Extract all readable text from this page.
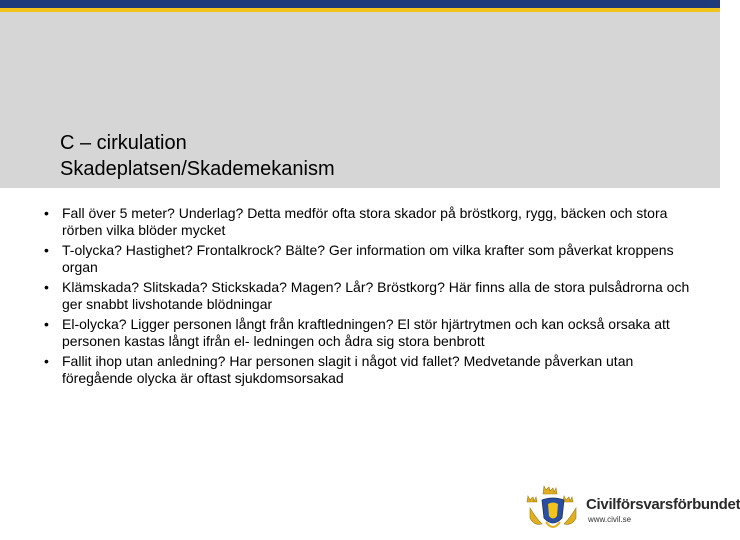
C – cirkulation
Skadeplatsen/Skademekanism
• Fall över 5 meter? Underlag? Detta medför ofta stora skador på bröstkorg, rygg, bäcken och stora rörben vilka blöder mycket
• T-olycka? Hastighet? Frontalkrock? Bälte? Ger information om vilka krafter som påverkat kroppens organ
• Klämskada? Slitskada? Stickskada? Magen? Lår? Bröstkorg? Här finns alla de stora pulsådrorna och ger snabbt livshotande blödningar
• El-olycka? Ligger personen långt från kraftledningen? El stör hjärtrytmen och kan också orsaka att personen kastas långt ifrån el- ledningen och ådra sig stora benbrott
• Fallit ihop utan anledning? Har personen slagit i något vid fallet? Medvetande påverkan utan föregående olycka är oftast sjukdomsorsakad
Civilförsvarsförbundet
www.civil.se
